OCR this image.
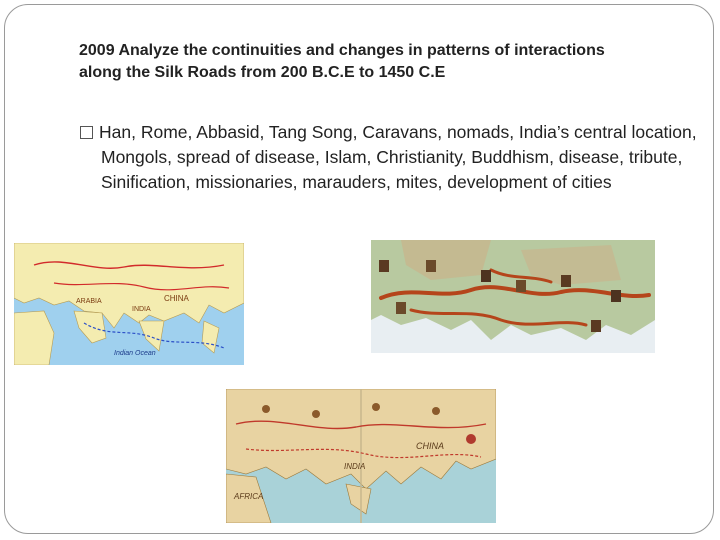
2009 Analyze the continuities and changes in patterns of interactions
along the Silk Roads from 200 B.C.E to 1450 C.E
Han, Rome, Abbasid, Tang Song, Caravans, nomads, India’s central location, Mongols, spread of disease, Islam, Christianity, Buddhism, disease, tribute, Sinification, missionaries, marauders, mites, development of cities
CHINA
INDIA
ARABIA
Indian Ocean
CHINA
INDIA
AFRICA
